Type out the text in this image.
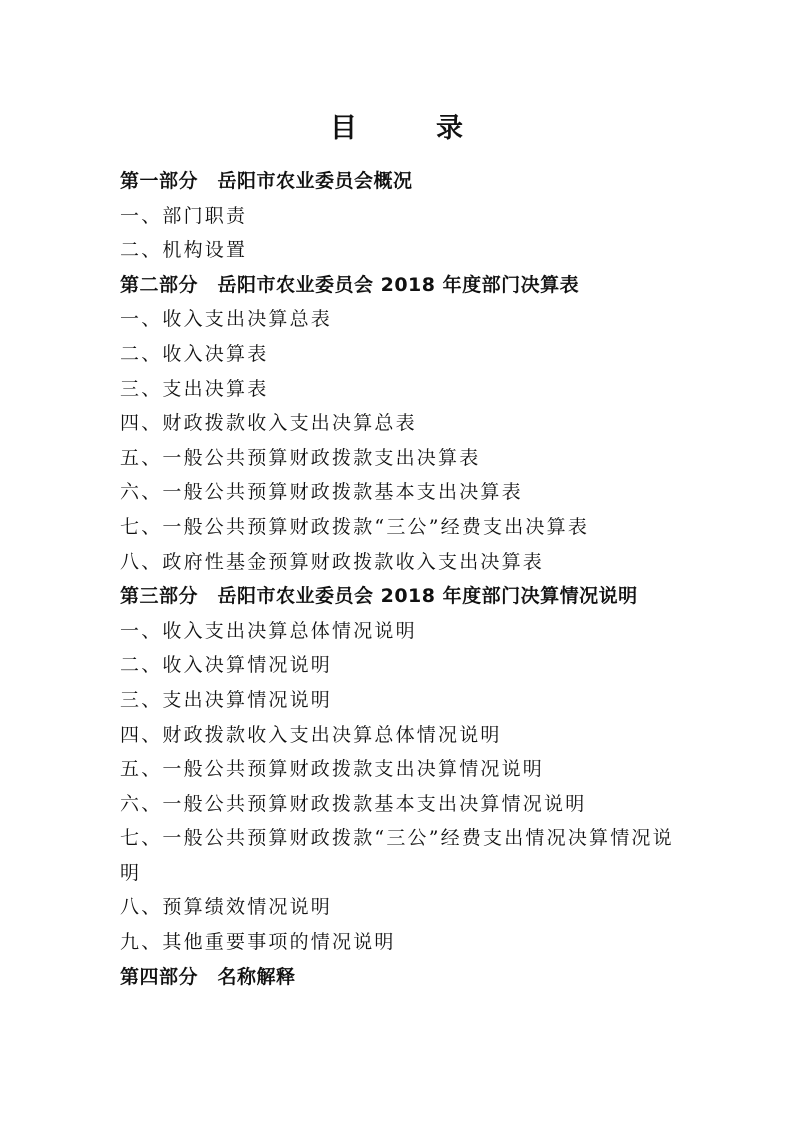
目　录
第一部分　岳阳市农业委员会概况
一、部门职责
二、机构设置
第二部分　岳阳市农业委员会 2018 年度部门决算表
一、收入支出决算总表
二、收入决算表
三、支出决算表
四、财政拨款收入支出决算总表
五、一般公共预算财政拨款支出决算表
六、一般公共预算财政拨款基本支出决算表
七、一般公共预算财政拨款“三公”经费支出决算表
八、政府性基金预算财政拨款收入支出决算表
第三部分　岳阳市农业委员会 2018 年度部门决算情况说明
一、收入支出决算总体情况说明
二、收入决算情况说明
三、支出决算情况说明
四、财政拨款收入支出决算总体情况说明
五、一般公共预算财政拨款支出决算情况说明
六、一般公共预算财政拨款基本支出决算情况说明
七、一般公共预算财政拨款“三公”经费支出情况决算情况说明
八、预算绩效情况说明
九、其他重要事项的情况说明
第四部分　名称解释
